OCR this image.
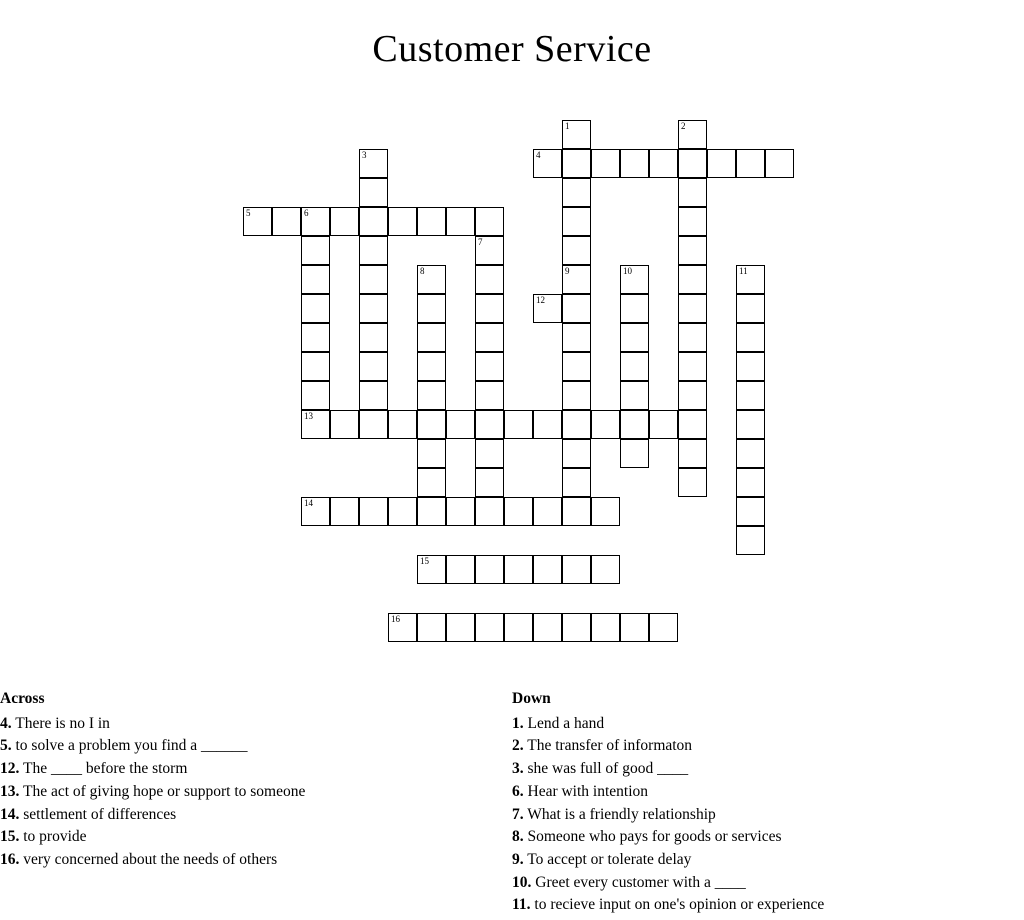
Customer Service
1	2
3	4
5	6
7
8	9	10	11
12
13
14
15
16
Across
4. There is no I in
5. to solve a problem you find a ______
12. The ____ before the storm
13. The act of giving hope or support to someone
14. settlement of differences
15. to provide
16. very concerned about the needs of others
Down
1. Lend a hand
2. The transfer of informaton
3. she was full of good ____
6. Hear with intention
7. What is a friendly relationship
8. Someone who pays for goods or services
9. To accept or tolerate delay
10. Greet every customer with a ____
11. to recieve input on one's opinion or experience
